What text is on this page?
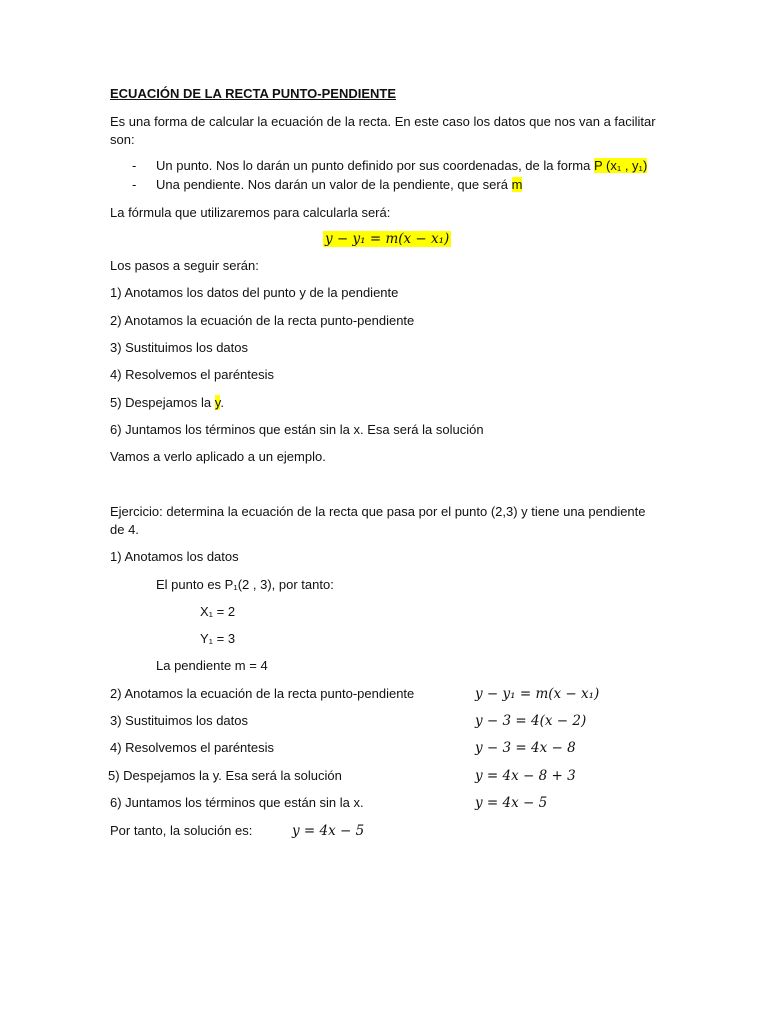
ECUACIÓN DE LA RECTA PUNTO-PENDIENTE
Es una forma de calcular la ecuación de la recta. En este caso los datos que nos van a facilitar
son:
- Un punto. Nos lo darán un punto definido por sus coordenadas, de la forma P (x₁ , y₁)
- Una pendiente. Nos darán un valor de la pendiente, que será m
La fórmula que utilizaremos para calcularla será:
y − y₁ = m(x − x₁)
Los pasos a seguir serán:
1) Anotamos los datos del punto y de la pendiente
2) Anotamos la ecuación de la recta punto-pendiente
3) Sustituimos los datos
4) Resolvemos el paréntesis
5) Despejamos la y.
6) Juntamos los términos que están sin la x. Esa será la solución
Vamos a verlo aplicado a un ejemplo.
Ejercicio: determina la ecuación de la recta que pasa por el punto (2,3) y tiene una pendiente
de 4.
1) Anotamos los datos
El punto es P₁(2 , 3), por tanto:
X₁ = 2
Y₁ = 3
La pendiente m = 4
2) Anotamos la ecuación de la recta punto-pendiente	y − y₁ = m(x − x₁)
3) Sustituimos los datos	y − 3 = 4(x − 2)
4) Resolvemos el paréntesis	y − 3 = 4x − 8
5) Despejamos la y. Esa será la solución	y = 4x − 8 + 3
6) Juntamos los términos que están sin la x.	y = 4x − 5
Por tanto, la solución es:	y = 4x − 5
